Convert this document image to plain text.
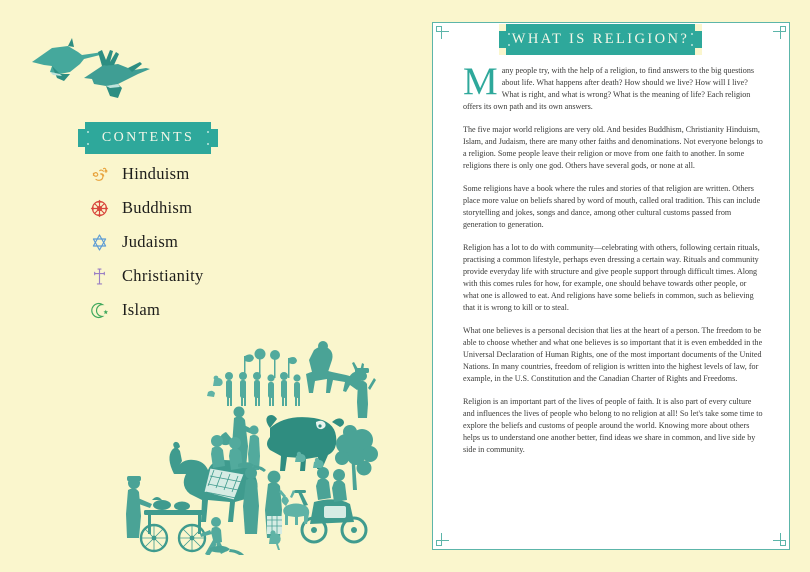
CONTENTS
Hinduism
Buddhism
Judaism
Christianity
Islam

Many people try, with the help of a religion, to find answers to the big questions about life. What happens after death? How should we live? How will I live? What is right, and what is wrong? What is the meaning of life? Each religion offers its own path and its own answers.

The five major world religions are very old. And besides Buddhism, Christianity Hinduism, Islam, and Judaism, there are many other faiths and denominations. Not everyone belongs to a religion. Some people leave their religion or move from one faith to another. In some religions there is only one god. Others have several gods, or none at all.

Some religions have a book where the rules and stories of that religion are written. Others place more value on beliefs shared by word of mouth, called oral tradition. This can include storytelling and jokes, songs and dance, among other cultural customs passed from generation to generation.

Religion has a lot to do with community—celebrating with others, following certain rituals, practising a common lifestyle, perhaps even dressing a certain way. Rituals and community provide everyday life with structure and give people support through difficult times. Along with this comes rules for how, for example, one should behave towards other people, or what one is allowed to eat. And religions have some beliefs in common, such as believing that it is wrong to kill or to steal.

What one believes is a personal decision that lies at the heart of a person. The freedom to be able to choose whether and what one believes is so important that it is even embedded in the Universal Declaration of Human Rights, one of the most important documents of the United Nations. In many countries, freedom of religion is written into the highest levels of law, for example, in the U.S. Constitution and the Canadian Charter of Rights and Freedoms.

Religion is an important part of the lives of people of faith. It is also part of every culture and influences the lives of people who belong to no religion at all! So let's take some time to explore the beliefs and customs of people around the world. Knowing more about others helps us to understand one another better, find ideas we share in common, and live side by side in community.

WHAT IS RELIGION?
